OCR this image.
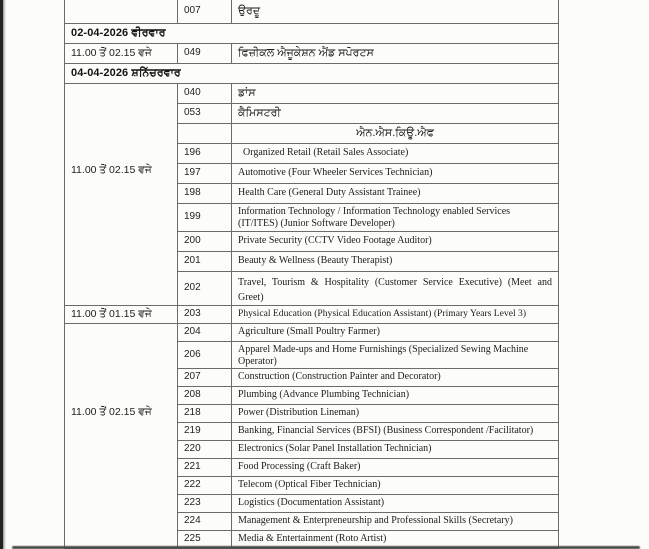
	007	ਉਰਦੂ
02-04-2026 ਵੀਰਵਾਰ		
11.00 ਤੋਂ 02.15 ਵਜੇ	049	ਫਿਜ਼ੀਕਲ ਐਜੂਕੇਸ਼ਨ ਐਂਡ ਸਪੋਰਟਸ
04-04-2026 ਸ਼ਨਿੱਚਰਵਾਰ		
11.00 ਤੋਂ 02.15 ਵਜੇ	040	ਡਾਂਸ
	053	ਕੈਮਿਸਟਰੀ
		ਐਨ.ਐਸ.ਕਿਊ.ਐਫ
	196	Organized Retail (Retail Sales Associate)
	197	Automotive (Four Wheeler Services Technician)
	198	Health Care (General Duty Assistant Trainee)
	199	Information Technology / Information Technology enabled Services
(IT/ITES) (Junior Software Developer)

	200	Private Security (CCTV Video Footage Auditor)
	201	Beauty & Wellness (Beauty Therapist)
	202	Travel, Tourism & Hospitality (Customer Service Executive) (Meet and
Greet)

11.00 ਤੋਂ 01.15 ਵਜੇ	203	Physical Education (Physical Education Assistant) (Primary Years Level 3)
11.00 ਤੋਂ 02.15 ਵਜੇ	204	Agriculture (Small Poultry Farmer)
	206	Apparel Made-ups and Home Furnishings (Specialized Sewing Machine
Operator)

	207	Construction (Construction Painter and Decorator)
	208	Plumbing (Advance Plumbing Technician)
	218	Power (Distribution Lineman)
	219	Banking, Financial Services (BFSI) (Business Correspondent /Facilitator)
	220	Electronics (Solar Panel Installation Technician)
	221	Food Processing (Craft Baker)
	222	Telecom (Optical Fiber Technician)
	223	Logistics (Documentation Assistant)
	224	Management & Enterpreneurship and Professional Skills (Secretary)
	225	Media & Entertainment (Roto Artist)
